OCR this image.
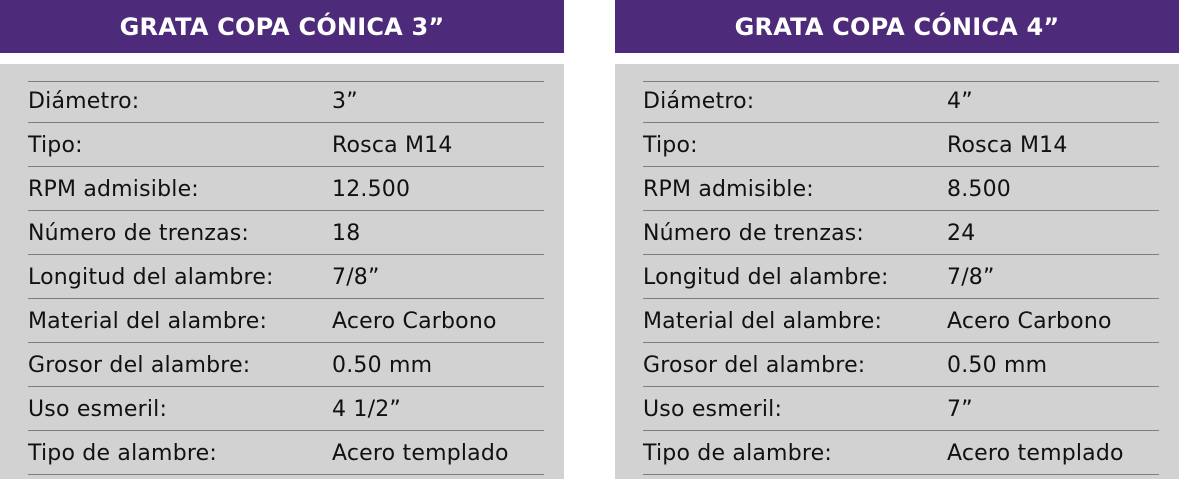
GRATA COPA CÓNICA 3”
Diámetro:	3”
Tipo:	Rosca M14
RPM admisible:	12.500
Número de trenzas:	18
Longitud del alambre:	7/8”
Material del alambre:	Acero Carbono
Grosor del alambre:	0.50 mm
Uso esmeril:	4 1/2”
Tipo de alambre:	Acero templado
GRATA COPA CÓNICA 4”
Diámetro:	4”
Tipo:	Rosca M14
RPM admisible:	8.500
Número de trenzas:	24
Longitud del alambre:	7/8”
Material del alambre:	Acero Carbono
Grosor del alambre:	0.50 mm
Uso esmeril:	7”
Tipo de alambre:	Acero templado
